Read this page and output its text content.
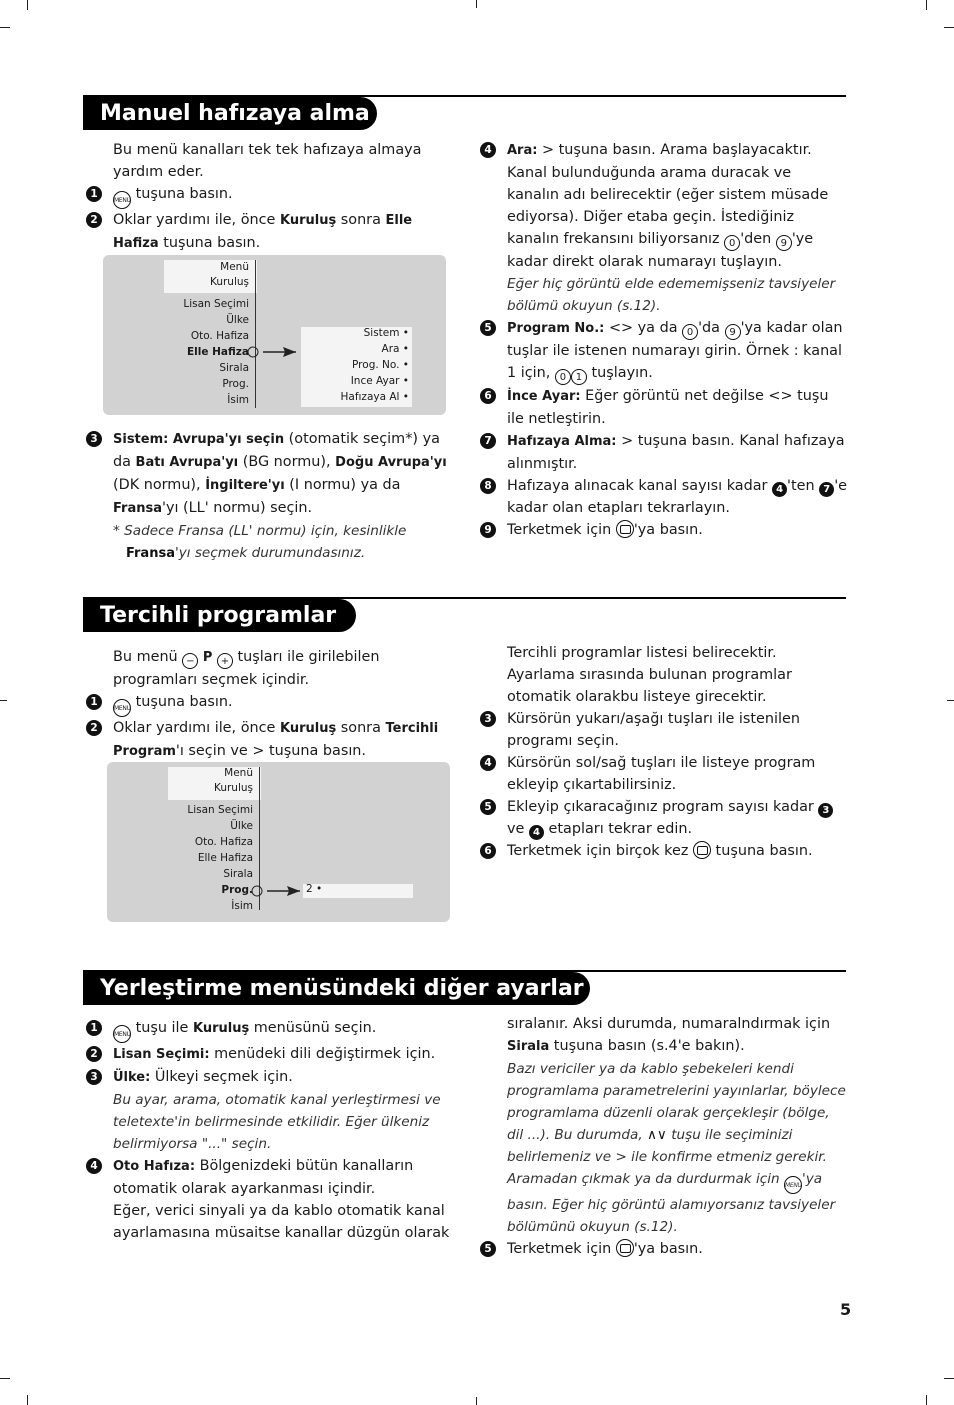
Manuel hafızaya alma

Bu menü kanalları tek tek hafızaya almaya yardım eder.

1
MENU tuşuna basın.

2	Oklar yardımı ile, önce Kuruluş sonra Elle Hafiza tuşuna basın.

Menü
Kuruluş
Lisan Seçimi
Ülke
Oto. Hafiza
Elle Hafiza
Sirala
Prog.
İsim
Sistem •
Ara •
Prog. No. •
Ince Ayar •
Hafızaya Al •

3	Sistem: Avrupa'yı seçin (otomatik seçim*) ya da Batı Avrupa'yı (BG normu), Doğu Avrupa'yı (DK normu), İngiltere'yı (I normu) ya da Fransa'yı (LL' normu) seçin.

* Sadece Fransa (LL' normu) için, kesinlikle
Fransa'yı seçmek durumundasınız.

4	Ara: > tuşuna basın. Arama başlayacaktır. Kanal bulunduğunda arama duracak ve kanalın adı belirecektir (eğer sistem müsade ediyorsa). Diğer etaba geçin. İstediğiniz kanalın frekansını biliyorsanız 0 'den 9 'ye kadar direkt olarak numarayı tuşlayın.

Eğer hiç görüntü elde edememişseniz tavsiyeler bölümü okuyun (s.12).

5	Program No.: <> ya da 0 'da 9 'ya kadar olan tuşlar ile istenen numarayı girin. Örnek : kanal 1 için, 0 1 tuşlayın.

6	İnce Ayar: Eğer görüntü net değilse <> tuşu ile netleştirin.

7	Hafızaya Alma: > tuşuna basın. Kanal hafızaya alınmıştır.

8	Hafızaya alınacak kanal sayısı kadar 4 'ten 7 'e kadar olan etapları tekrarlayın.

9	Terketmek için 'ya basın.

Tercihli programlar

Bu menü − P + tuşları ile girilebilen programları seçmek içindir.

1
MENU tuşuna basın.

2	Oklar yardımı ile, önce Kuruluş sonra Tercihli Program'ı seçin ve > tuşuna basın.

Menü
Kuruluş
Lisan Seçimi
Ülke
Oto. Hafiza
Elle Hafiza
Sirala
Prog.
İsim
2 •

Tercihli programlar listesi belirecektir. Ayarlama sırasında bulunan programlar otomatik olarakbu listeye girecektir.

3	Kürsörün yukarı/aşağı tuşları ile istenilen programı seçin.

4	Kürsörün sol/sağ tuşları ile listeye program ekleyip çıkartabilirsiniz.

5	Ekleyip çıkaracağınız program sayısı kadar 3 ve 4 etapları tekrar edin.

6	Terketmek için birçok kez  tuşuna basın.

Yerleştirme menüsündeki diğer ayarlar

1
MENU tuşu ile Kuruluş menüsünü seçin.

2	Lisan Seçimi: menüdeki dili değiştirmek için.

3	Ülke: Ülkeyi seçmek için.

Bu ayar, arama, otomatik kanal yerleştirmesi ve teletexte'in belirmesinde etkilidir. Eğer ülkeniz belirmiyorsa "..." seçin.

4	Oto Hafıza: Bölgenizdeki bütün kanalların otomatik olarak ayarkanması içindir.

Eğer, verici sinyali ya da kablo otomatik kanal ayarlamasına müsaitse kanallar düzgün olarak

sıralanır. Aksi durumda, numaralndırmak için Sirala tuşuna basın (s.4'e bakın).

Bazı vericiler ya da kablo şebekeleri kendi programlama parametrelerini yayınlarlar, böylece programlama düzenli olarak gerçekleşir (bölge, dil ...). Bu durumda, ∧∨ tuşu ile seçiminizi belirlemeniz ve > ile konfirme etmeniz gerekir. Aramadan çıkmak ya da durdurmak için MENU'ya basın. Eğer hiç görüntü alamıyorsanız tavsiyeler bölümünü okuyun (s.12).

5	Terketmek için 'ya basın.

5
